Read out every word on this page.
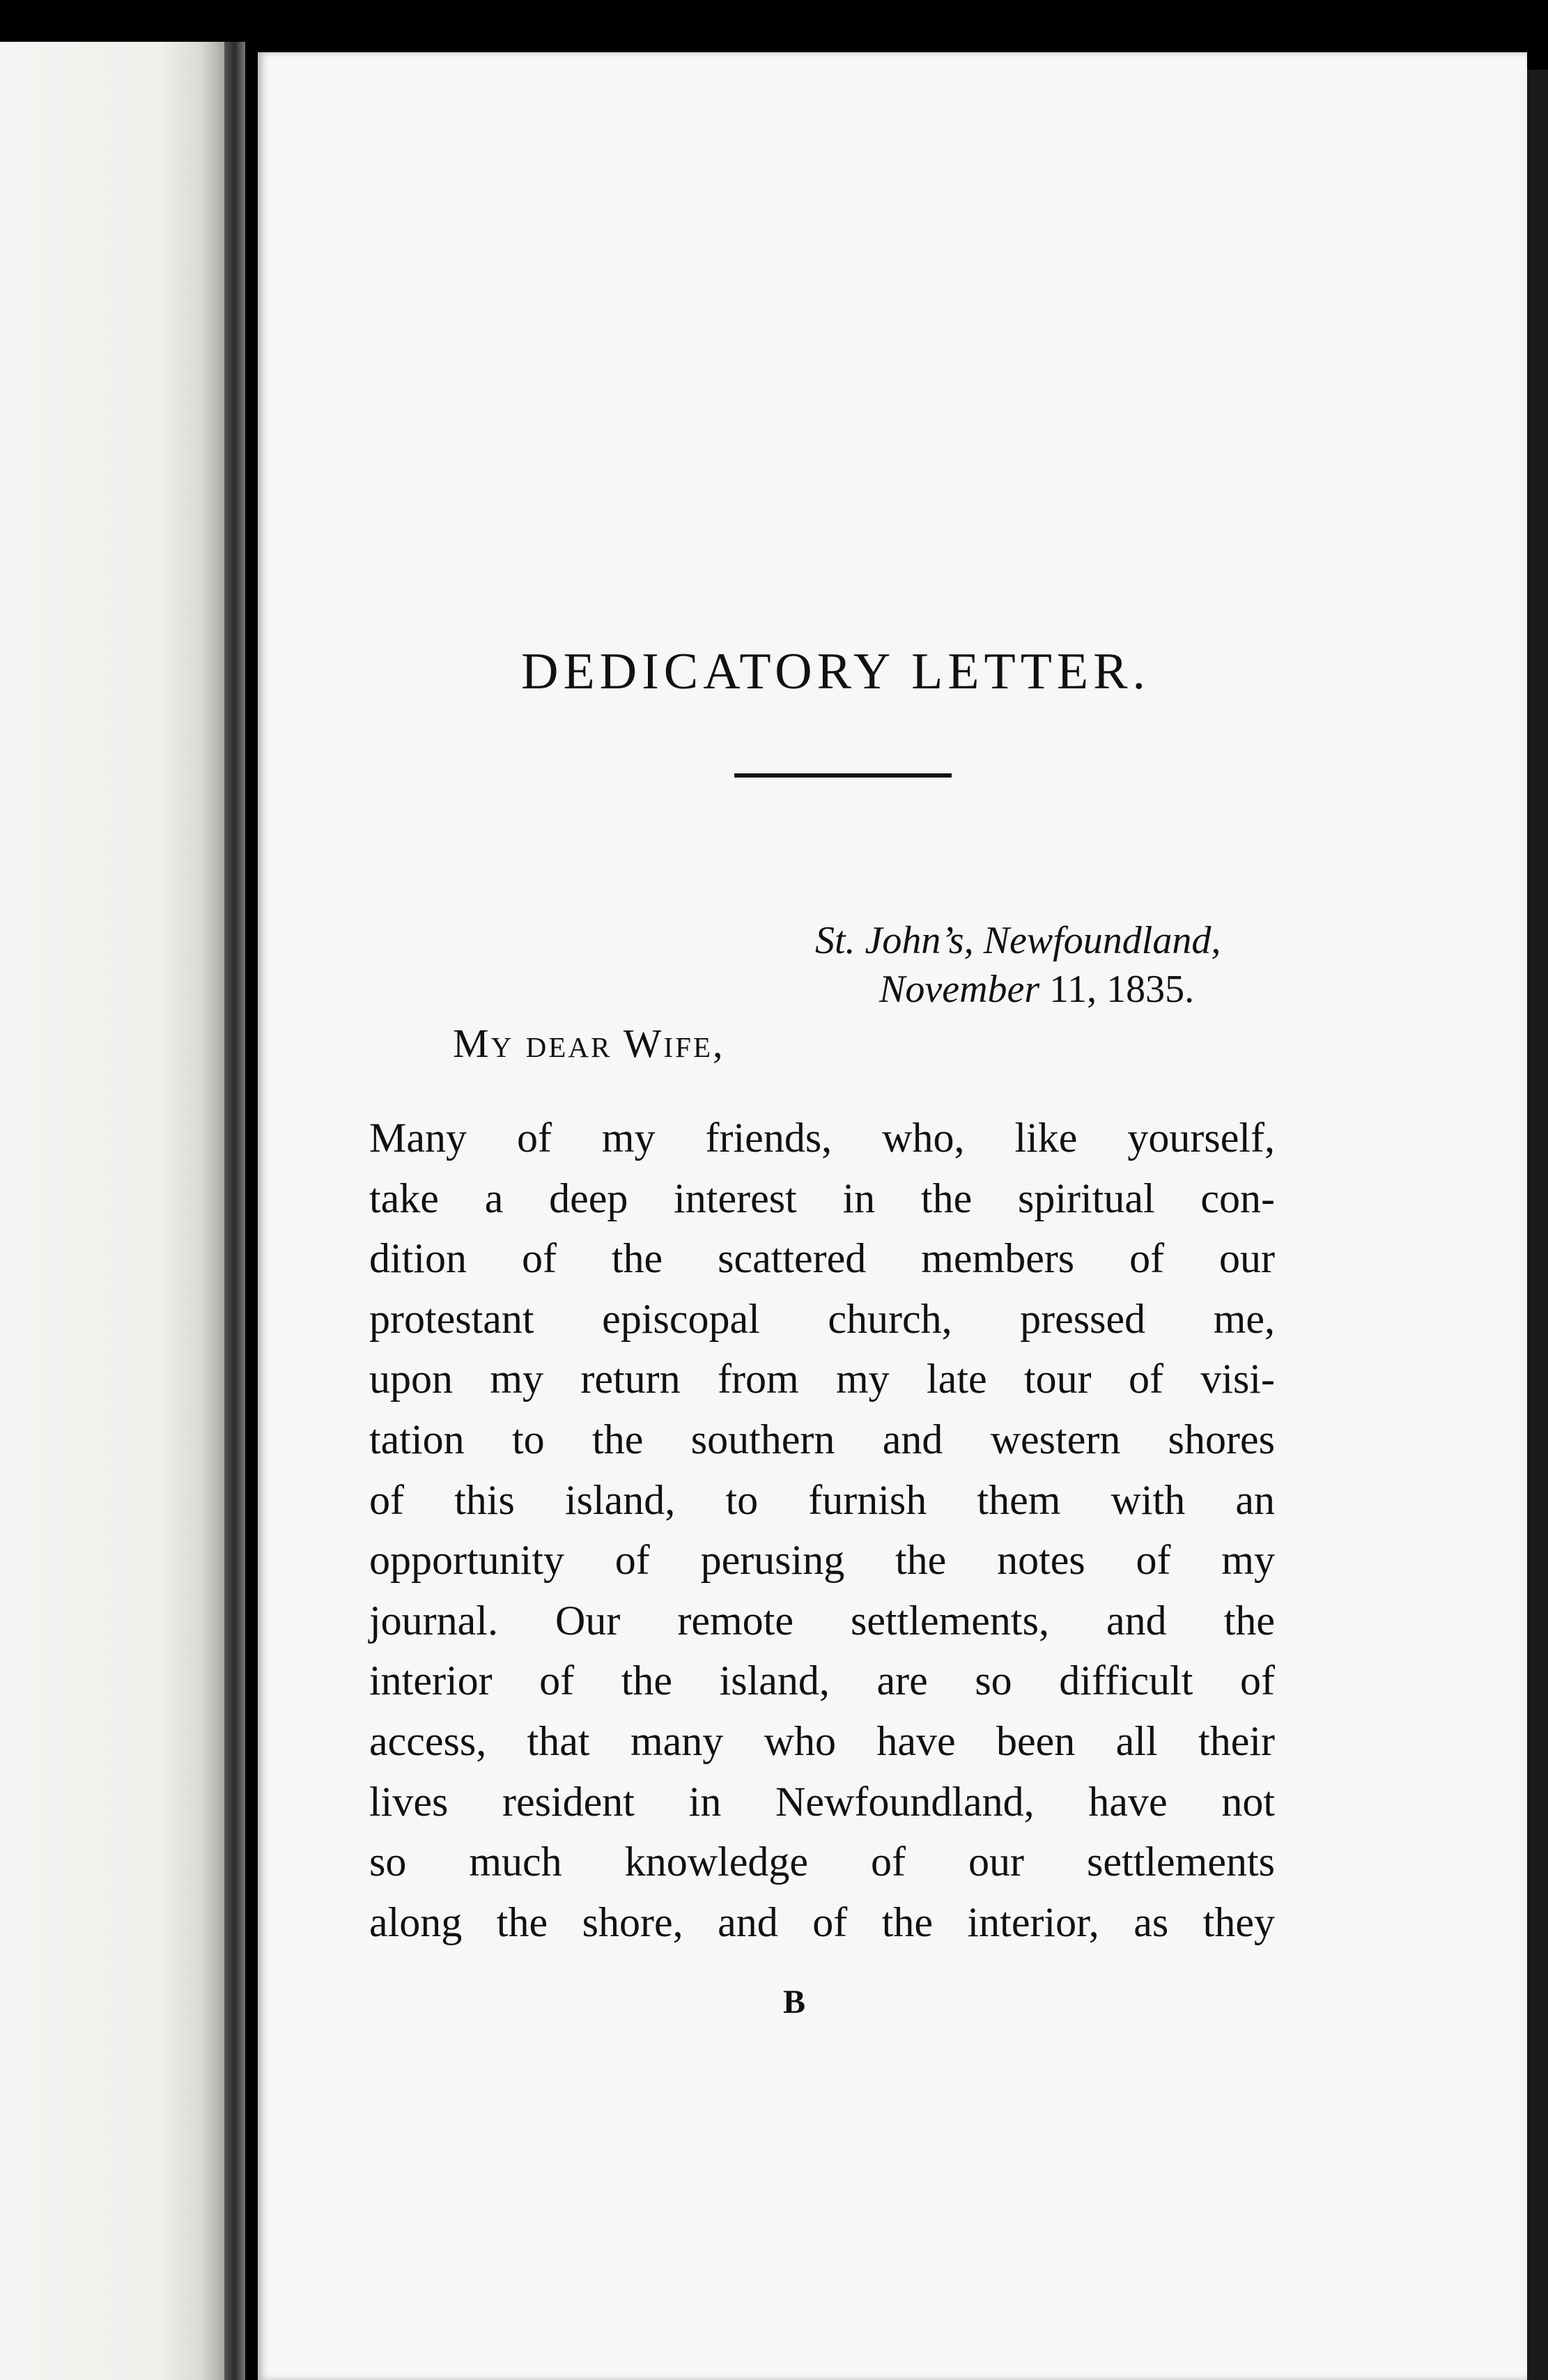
DEDICATORY LETTER.
St. John’s, Newfoundland,
November 11, 1835.
My dear Wife,
Many of my friends, who, like yourself,
take a deep interest in the spiritual con-
dition of the scattered members of our
protestant episcopal church, pressed me,
upon my return from my late tour of visi-
tation to the southern and western shores
of this island, to furnish them with an
opportunity of perusing the notes of my
journal. Our remote settlements, and the
interior of the island, are so difficult of
access, that many who have been all their
lives resident in Newfoundland, have not
so much knowledge of our settlements
along the shore, and of the interior, as they
B
